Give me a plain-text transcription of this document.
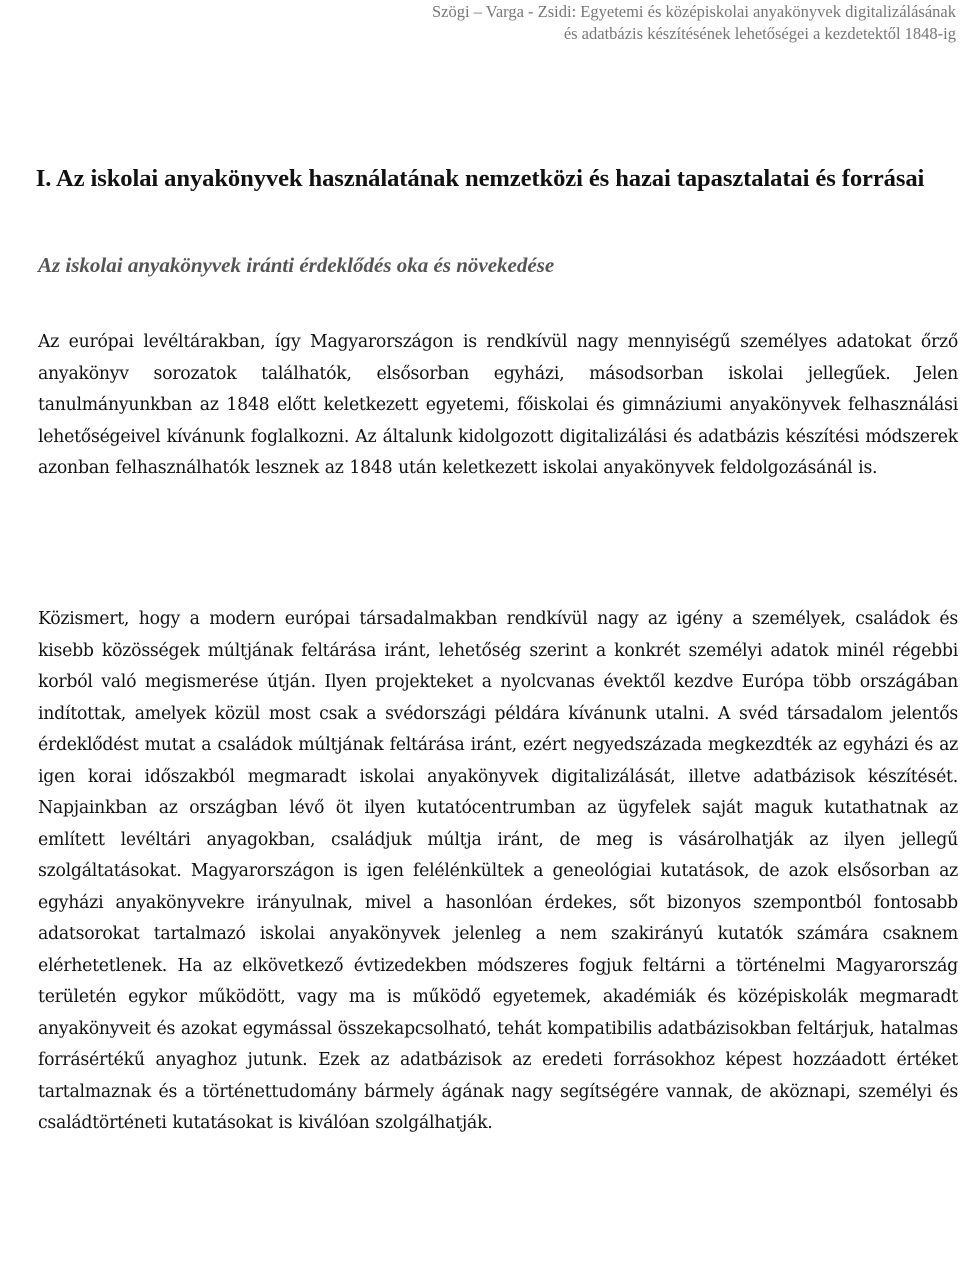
Szögi – Varga - Zsidi: Egyetemi és középiskolai anyakönyvek digitalizálásának
és adatbázis készítésének lehetőségei a kezdetektől 1848-ig
I. Az iskolai anyakönyvek használatának nemzetközi és hazai tapasztalatai és forrásai
Az iskolai anyakönyvek iránti érdeklődés oka és növekedése

Az európai levéltárakban, így Magyarországon is rendkívül nagy mennyiségű személyes adatokat őrző anyakönyv sorozatok találhatók, elsősorban egyházi, másodsorban iskolai jellegűek. Jelen tanulmányunkban az 1848 előtt keletkezett egyetemi, főiskolai és gimnáziumi anyakönyvek felhasználási lehetőségeivel kívánunk foglalkozni. Az általunk kidolgozott digitalizálási és adatbázis készítési módszerek azonban felhasználhatók lesznek az 1848 után keletkezett iskolai anyakönyvek feldolgozásánál is.

Közismert, hogy a modern európai társadalmakban rendkívül nagy az igény a személyek, családok és kisebb közösségek múltjának feltárása iránt, lehetőség szerint a konkrét személyi adatok minél régebbi korból való megismerése útján. Ilyen projekteket a nyolcvanas évektől kezdve Európa több országában indítottak, amelyek közül most csak a svédországi példára kívánunk utalni. A svéd társadalom jelentős érdeklődést mutat a családok múltjának feltárása iránt, ezért negyedszázada megkezdték az egyházi és az igen korai időszakból megmaradt iskolai anyakönyvek digitalizálását, illetve adatbázisok készítését. Napjainkban az országban lévő öt ilyen kutatócentrumban az ügyfelek saját maguk kutathatnak az említett levéltári anyagokban, családjuk múltja iránt, de meg is vásárolhatják az ilyen jellegű szolgáltatásokat. Magyarországon is igen felélénkültek a geneológiai kutatások, de azok elsősorban az egyházi anyakönyvekre irányulnak, mivel a hasonlóan érdekes, sőt bizonyos szempontból fontosabb adatsorokat tartalmazó iskolai anyakönyvek jelenleg a nem szakirányú kutatók számára csaknem elérhetetlenek. Ha az elkövetkező évtizedekben módszeres fogjuk feltárni a történelmi Magyarország területén egykor működött, vagy ma is működő egyetemek, akadémiák és középiskolák megmaradt anyakönyveit és azokat egymással összekapcsolható, tehát kompatibilis adatbázisokban feltárjuk, hatalmas forrásértékű anyaghoz jutunk. Ezek az adatbázisok az eredeti forrásokhoz képest hozzáadott értéket tartalmaznak és a történettudomány bármely ágának nagy segítségére vannak, de aköznapi, személyi és családtörténeti kutatásokat is kiválóan szolgálhatják.
